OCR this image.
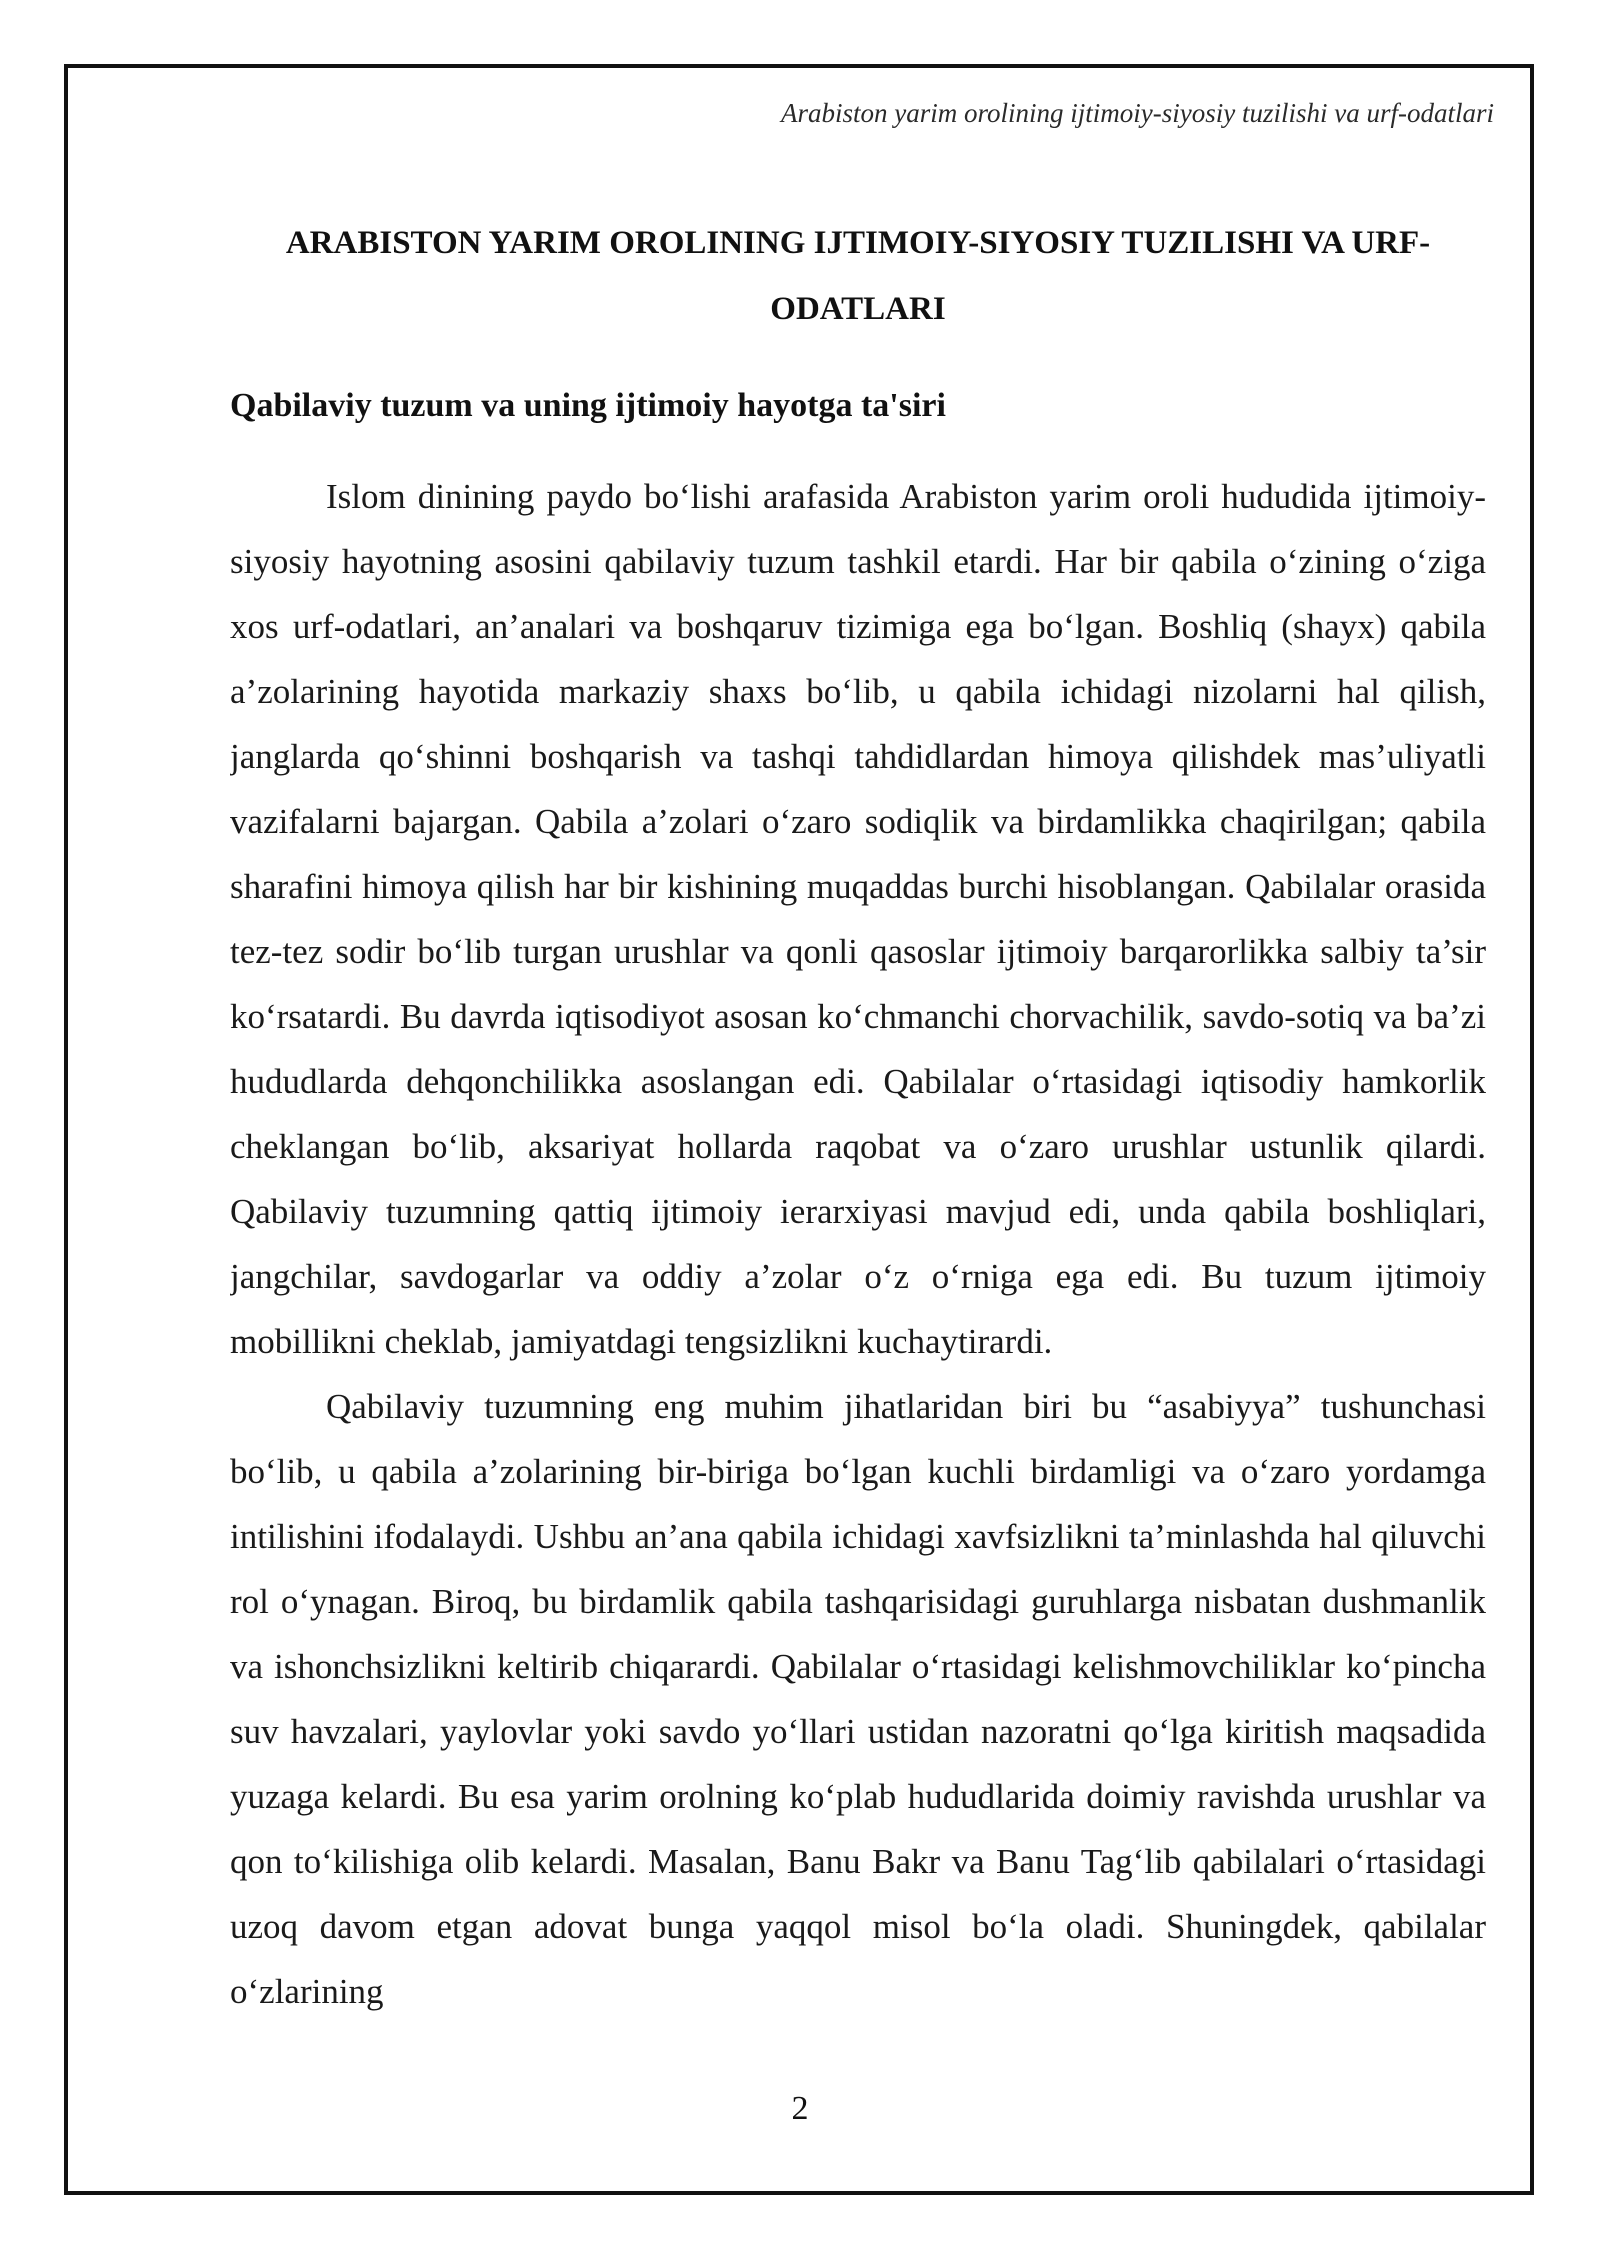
Arabiston yarim orolining ijtimoiy-siyosiy tuzilishi va urf-odatlari
ARABISTON YARIM OROLINING IJTIMOIY-SIYOSIY TUZILISHI VA URF-ODATLARI
Qabilaviy tuzum va uning ijtimoiy hayotga ta'siri

Islom dinining paydo bo‘lishi arafasida Arabiston yarim oroli hududida ijtimoiy-siyosiy hayotning asosini qabilaviy tuzum tashkil etardi. Har bir qabila o‘zining o‘ziga xos urf-odatlari, an’analari va boshqaruv tizimiga ega bo‘lgan. Boshliq (shayx) qabila a’zolarining hayotida markaziy shaxs bo‘lib, u qabila ichidagi nizolarni hal qilish, janglarda qo‘shinni boshqarish va tashqi tahdidlardan himoya qilishdek mas’uliyatli vazifalarni bajargan. Qabila a’zolari o‘zaro sodiqlik va birdamlikka chaqirilgan; qabila sharafini himoya qilish har bir kishining muqaddas burchi hisoblangan. Qabilalar orasida tez-tez sodir bo‘lib turgan urushlar va qonli qasoslar ijtimoiy barqarorlikka salbiy ta’sir ko‘rsatardi. Bu davrda iqtisodiyot asosan ko‘chmanchi chorvachilik, savdo-sotiq va ba’zi hududlarda dehqonchilikka asoslangan edi. Qabilalar o‘rtasidagi iqtisodiy hamkorlik cheklangan bo‘lib, aksariyat hollarda raqobat va o‘zaro urushlar ustunlik qilardi. Qabilaviy tuzumning qattiq ijtimoiy ierarxiyasi mavjud edi, unda qabila boshliqlari, jangchilar, savdogarlar va oddiy a’zolar o‘z o‘rniga ega edi. Bu tuzum ijtimoiy mobillikni cheklab, jamiyatdagi tengsizlikni kuchaytirardi.

Qabilaviy tuzumning eng muhim jihatlaridan biri bu “asabiyya” tushunchasi bo‘lib, u qabila a’zolarining bir-biriga bo‘lgan kuchli birdamligi va o‘zaro yordamga intilishini ifodalaydi. Ushbu an’ana qabila ichidagi xavfsizlikni ta’minlashda hal qiluvchi rol o‘ynagan. Biroq, bu birdamlik qabila tashqarisidagi guruhlarga nisbatan dushmanlik va ishonchsizlikni keltirib chiqarardi. Qabilalar o‘rtasidagi kelishmovchiliklar ko‘pincha suv havzalari, yaylovlar yoki savdo yo‘llari ustidan nazoratni qo‘lga kiritish maqsadida yuzaga kelardi. Bu esa yarim orolning ko‘plab hududlarida doimiy ravishda urushlar va qon to‘kilishiga olib kelardi. Masalan, Banu Bakr va Banu Tag‘lib qabilalari o‘rtasidagi uzoq davom etgan adovat bunga yaqqol misol bo‘la oladi. Shuningdek, qabilalar o‘zlarining

2
